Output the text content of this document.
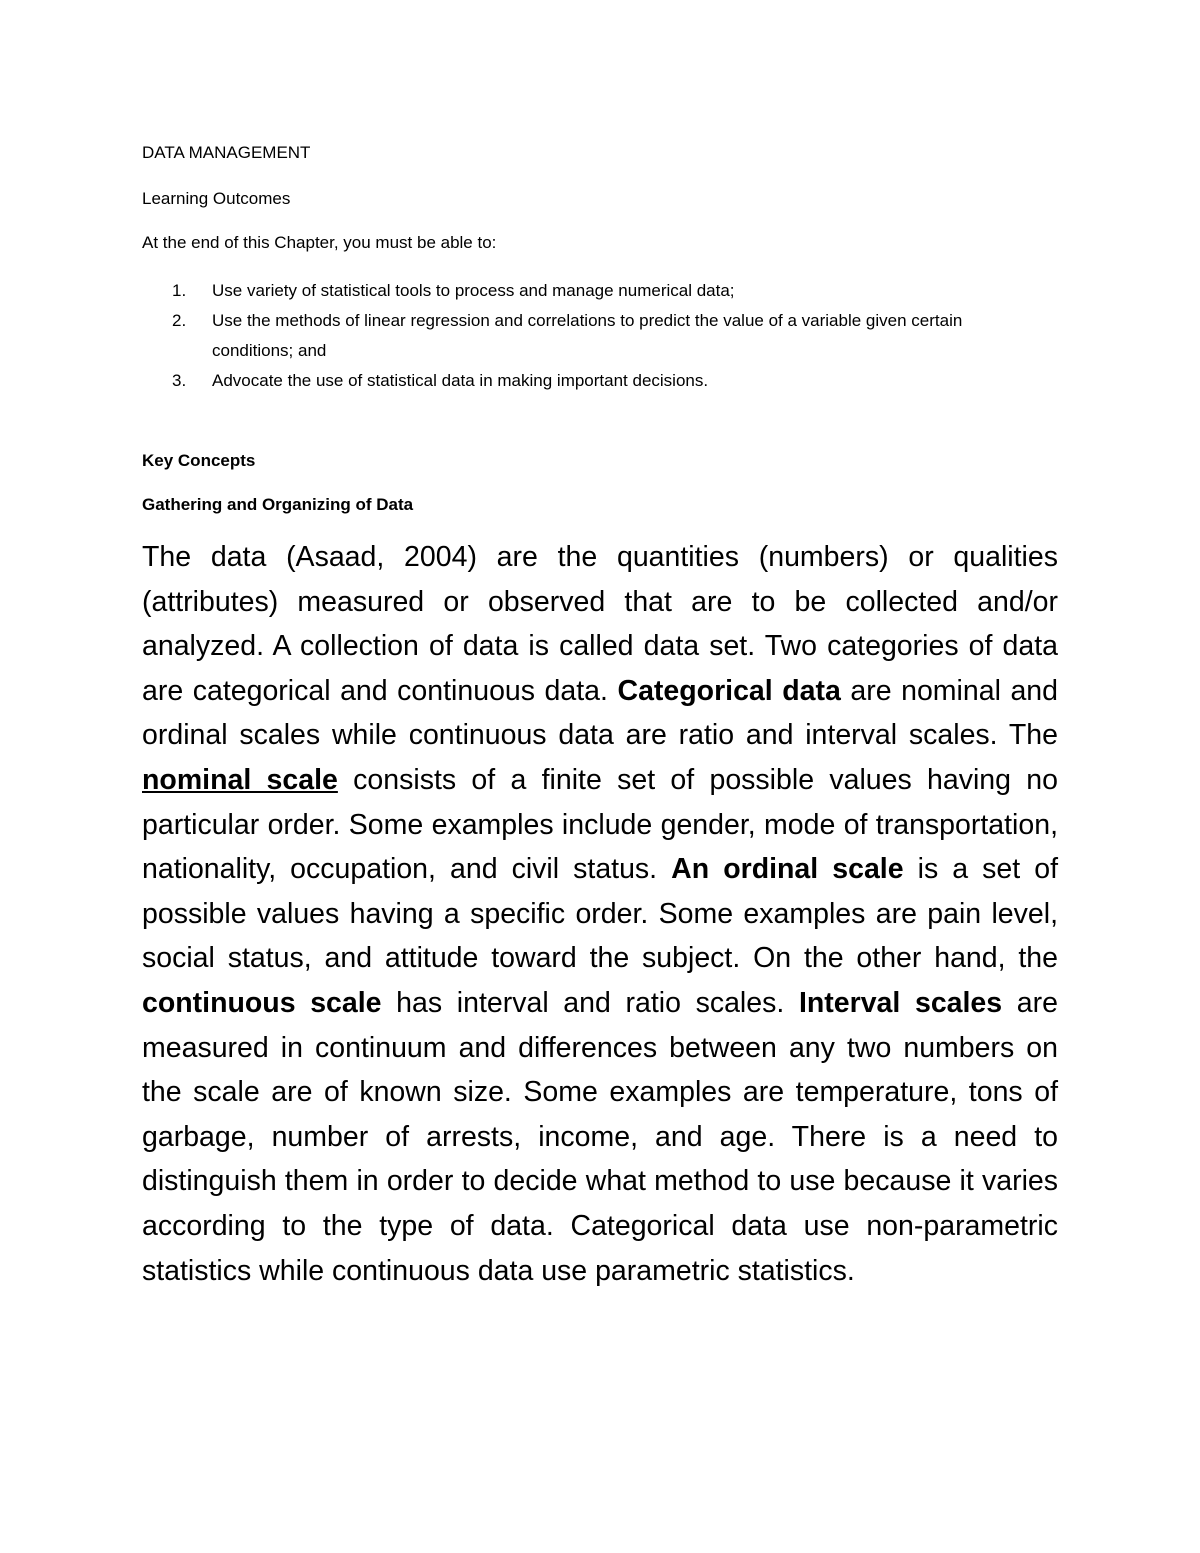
DATA MANAGEMENT

Learning Outcomes

At the end of this Chapter, you must be able to:

1. Use variety of statistical tools to process and manage numerical data;
2. Use the methods of linear regression and correlations to predict the value of a variable given certain conditions; and
3. Advocate the use of statistical data in making important decisions.

Key Concepts

Gathering and Organizing of Data

The data (Asaad, 2004) are the quantities (numbers) or qualities (attributes) measured or observed that are to be collected and/or analyzed. A collection of data is called data set. Two categories of data are categorical and continuous data. Categorical data are nominal and ordinal scales while continuous data are ratio and interval scales. The nominal scale consists of a finite set of possible values having no particular order. Some examples include gender, mode of transportation, nationality, occupation, and civil status. An ordinal scale is a set of possible values having a specific order. Some examples are pain level, social status, and attitude toward the subject. On the other hand, the continuous scale has interval and ratio scales. Interval scales are measured in continuum and differences between any two numbers on the scale are of known size. Some examples are temperature, tons of garbage, number of arrests, income, and age. There is a need to distinguish them in order to decide what method to use because it varies according to the type of data. Categorical data use non-parametric statistics while continuous data use parametric statistics.
